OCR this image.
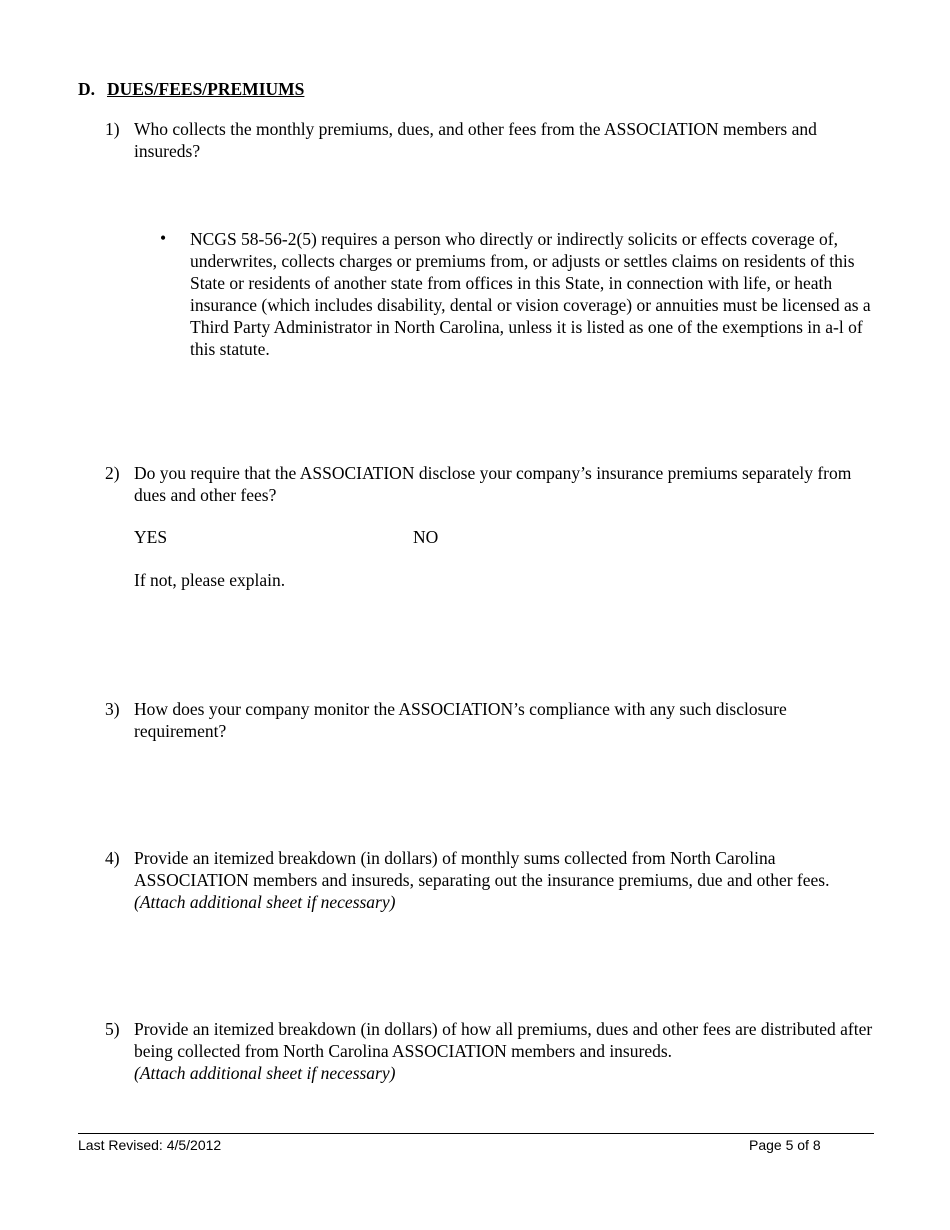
D. DUES/FEES/PREMIUMS
1) Who collects the monthly premiums, dues, and other fees from the ASSOCIATION members and insureds?
• NCGS 58-56-2(5) requires a person who directly or indirectly solicits or effects coverage of, underwrites, collects charges or premiums from, or adjusts or settles claims on residents of this State or residents of another state from offices in this State, in connection with life, or heath insurance (which includes disability, dental or vision coverage) or annuities must be licensed as a Third Party Administrator in North Carolina, unless it is listed as one of the exemptions in a-l of this statute.
2) Do you require that the ASSOCIATION disclose your company’s insurance premiums separately from dues and other fees?
YES	NO
If not, please explain.
3) How does your company monitor the ASSOCIATION’s compliance with any such disclosure requirement?
4) Provide an itemized breakdown (in dollars) of monthly sums collected from North Carolina ASSOCIATION members and insureds, separating out the insurance premiums, due and other fees.  (Attach additional sheet if necessary)
5) Provide an itemized breakdown (in dollars) of how all premiums, dues and other fees are distributed after being collected from North Carolina ASSOCIATION members and insureds.
(Attach additional sheet if necessary)
Last Revised: 4/5/2012	Page 5 of 8
